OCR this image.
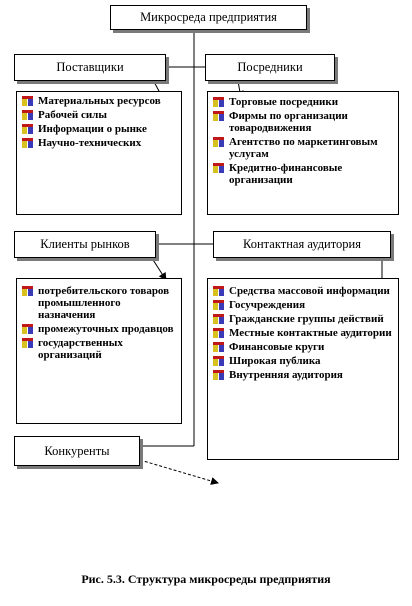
Микросреда предприятия
Поставщики
Материальных ресурсов
Рабочей силы
Информации о рынке
Научно-технических
Посредники
Торговые посредники
Фирмы по организации товародвижения
Агентство по маркетинговым услугам
Кредитно-финансовые организации
Клиенты рынков
потребительского товаров промышленного назначения
промежуточных продавцов
государственных организаций
Контактная аудитория
Средства массовой информации
Госучреждения
Гражданские группы действий
Местные контактные аудитории
Финансовые круги
Широкая публика
Внутренняя аудитория
Конкуренты
Рис. 5.3. Структура микросреды предприятия
